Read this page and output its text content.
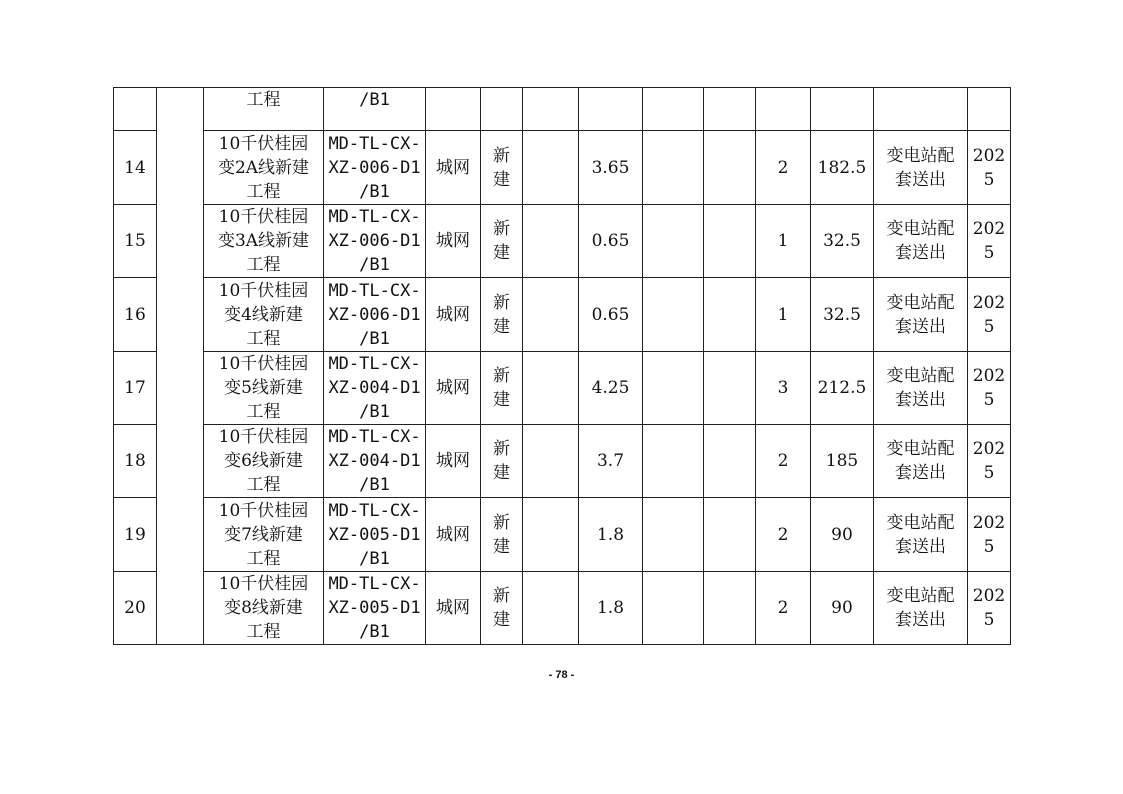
		工程	/B1										
14		10千伏桂园
变2A线新建
工程	MD-TL-CX-
XZ-006-D1
/B1	城网	新
建		3.65			2	182.5	变电站配
套送出	202
5

15		10千伏桂园
变3A线新建
工程	MD-TL-CX-
XZ-006-D1
/B1	城网	新
建		0.65			1	32.5	变电站配
套送出	202
5

16		10千伏桂园
变4线新建
工程	MD-TL-CX-
XZ-006-D1
/B1	城网	新
建		0.65			1	32.5	变电站配
套送出	202
5

17		10千伏桂园
变5线新建
工程	MD-TL-CX-
XZ-004-D1
/B1	城网	新
建		4.25			3	212.5	变电站配
套送出	202
5

18		10千伏桂园
变6线新建
工程	MD-TL-CX-
XZ-004-D1
/B1	城网	新
建		3.7			2	185	变电站配
套送出	202
5

19		10千伏桂园
变7线新建
工程	MD-TL-CX-
XZ-005-D1
/B1	城网	新
建		1.8			2	90	变电站配
套送出	202
5

20		10千伏桂园
变8线新建
工程	MD-TL-CX-
XZ-005-D1
/B1	城网	新
建		1.8			2	90	变电站配
套送出	202
5
- 78 -
